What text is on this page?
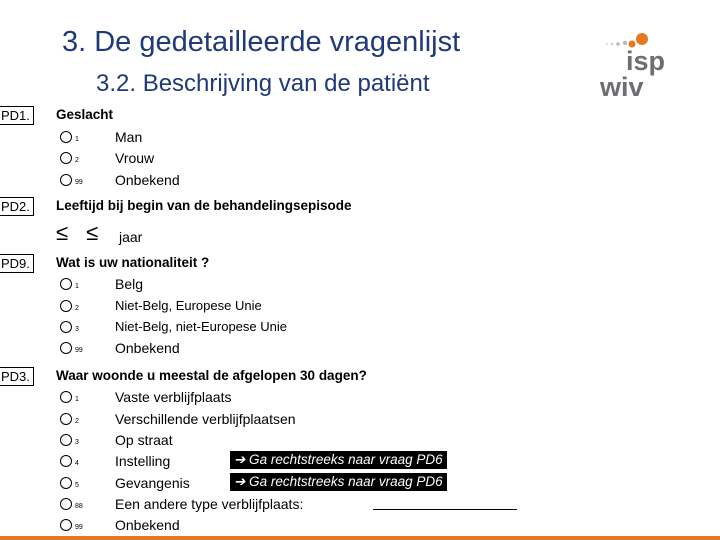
3. De gedetailleerde vragenlijst
3.2. Beschrijving van de patiënt
isp
wiv
PD1. Geslacht
1	Man
2	Vrouw
99 Onbekend
PD2. Leeftijd bij begin van de behandelingsepisode
≤ ≤ jaar
PD9. Wat is uw nationaliteit ?
1	Belg
2	Niet-Belg, Europese Unie
3	Niet-Belg, niet-Europese Unie
99 Onbekend
PD3. Waar woonde u meestal de afgelopen 30 dagen?
1	Vaste verblijfplaats
2	Verschillende verblijfplaatsen
3	Op straat
4	Instelling	➔ Ga rechtstreeks naar vraag PD6
5	Gevangenis	➔ Ga rechtstreeks naar vraag PD6
88 Een andere type verblijfplaats:
99 Onbekend
